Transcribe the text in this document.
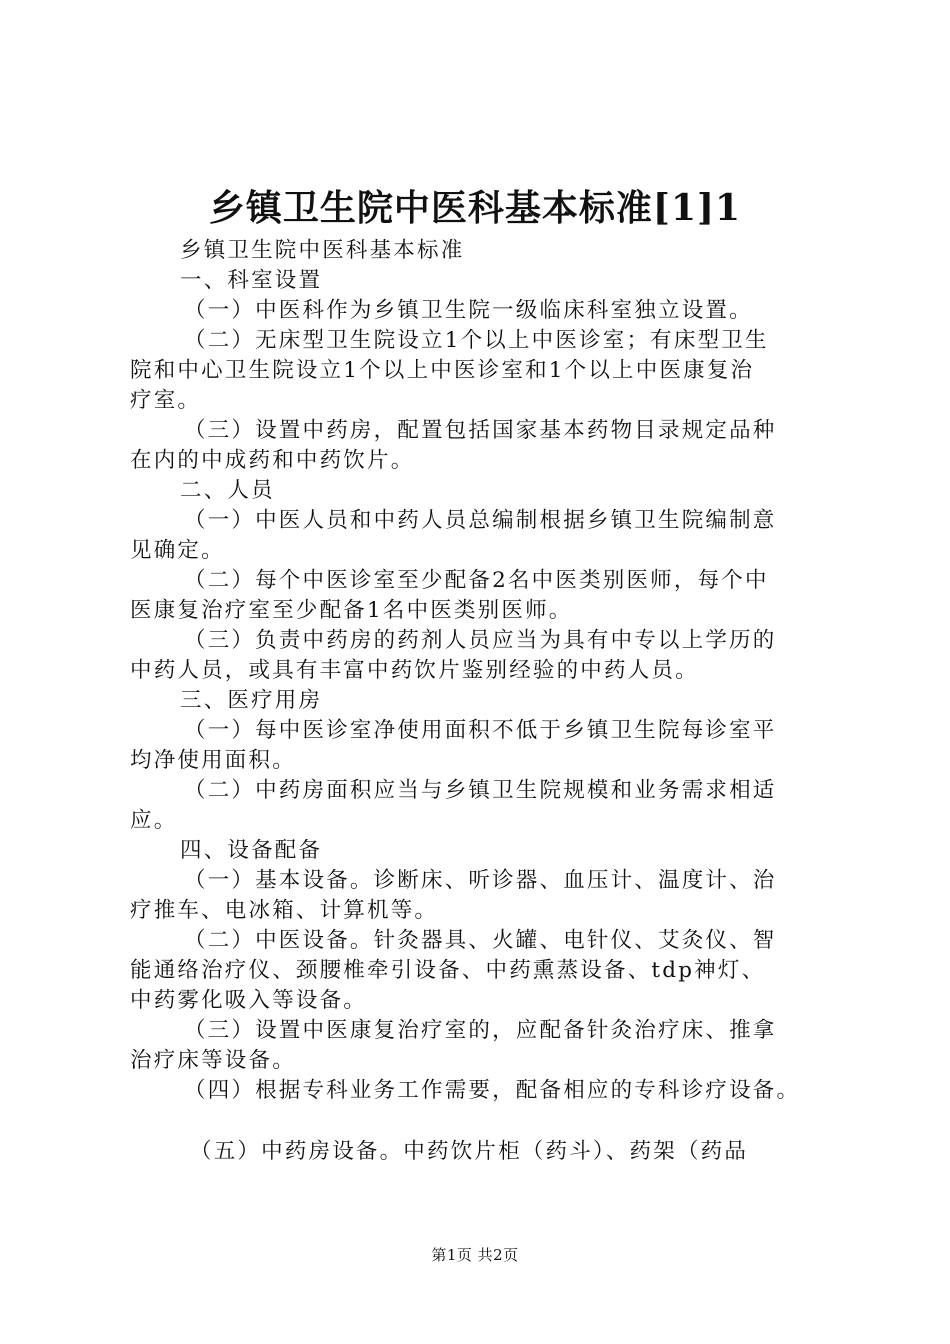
乡镇卫生院中医科基本标准[1]1
乡镇卫生院中医科基本标准
一、科室设置
（一）中医科作为乡镇卫生院一级临床科室独立设置。
（二）无床型卫生院设立1个以上中医诊室；有床型卫生
院和中心卫生院设立1个以上中医诊室和1个以上中医康复治
疗室。
（三）设置中药房，配置包括国家基本药物目录规定品种
在内的中成药和中药饮片。
二、人员
（一）中医人员和中药人员总编制根据乡镇卫生院编制意
见确定。
（二）每个中医诊室至少配备2名中医类别医师，每个中
医康复治疗室至少配备1名中医类别医师。
（三）负责中药房的药剂人员应当为具有中专以上学历的
中药人员，或具有丰富中药饮片鉴别经验的中药人员。
三、医疗用房
（一）每中医诊室净使用面积不低于乡镇卫生院每诊室平
均净使用面积。
（二）中药房面积应当与乡镇卫生院规模和业务需求相适
应。
四、设备配备
（一）基本设备。诊断床、听诊器、血压计、温度计、治
疗推车、电冰箱、计算机等。
（二）中医设备。针灸器具、火罐、电针仪、艾灸仪、智
能通络治疗仪、颈腰椎牵引设备、中药熏蒸设备、tdp神灯、
中药雾化吸入等设备。
（三）设置中医康复治疗室的，应配备针灸治疗床、推拿
治疗床等设备。
（四）根据专科业务工作需要，配备相应的专科诊疗设备。
（五）中药房设备。中药饮片柜（药斗）、药架（药品
第1页 共2页
